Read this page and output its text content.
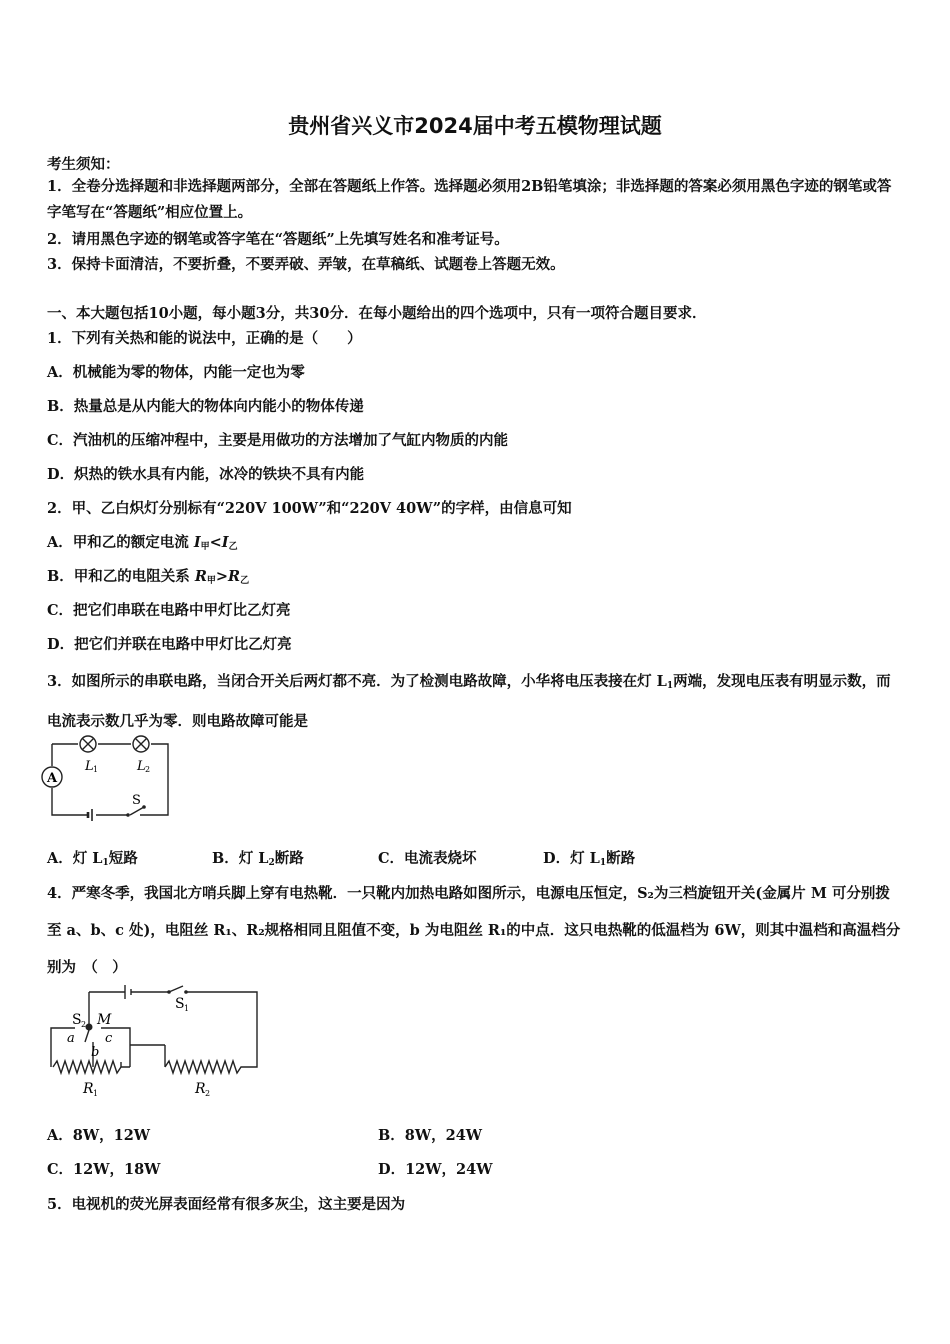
贵州省兴义市2024届中考五模物理试题
考生须知：
1．全卷分选择题和非选择题两部分，全部在答题纸上作答。选择题必须用2B铅笔填涂；非选择题的答案必须用黑色字迹的钢笔或答字笔写在“答题纸”相应位置上。
2．请用黑色字迹的钢笔或答字笔在“答题纸”上先填写姓名和准考证号。
3．保持卡面清洁，不要折叠，不要弄破、弄皱，在草稿纸、试题卷上答题无效。
一、本大题包括10小题，每小题3分，共30分．在每小题给出的四个选项中，只有一项符合题目要求．
1．下列有关热和能的说法中，正确的是（　　）
A．机械能为零的物体，内能一定也为零
B．热量总是从内能大的物体向内能小的物体传递
C．汽油机的压缩冲程中，主要是用做功的方法增加了气缸内物质的内能
D．炽热的铁水具有内能，冰冷的铁块不具有内能
2．甲、乙白炽灯分别标有“220V 100W”和“220V 40W”的字样，由信息可知
A．甲和乙的额定电流 $I_甲<I_乙$
B．甲和乙的电阻关系 $R_甲>R_乙$
C．把它们串联在电路中甲灯比乙灯亮
D．把它们并联在电路中甲灯比乙灯亮
3．如图所示的串联电路，当闭合开关后两灯都不亮．为了检测电路故障，小华将电压表接在灯 $L_1$两端，发现电压表有明显示数，而电流表示数几乎为零．则电路故障可能是
A
L 1	L 2
S
A．灯 $L_1$短路	B．灯 $L_2$断路	C．电流表烧坏	D．灯 $L_1$断路
4．严寒冬季，我国北方哨兵脚上穿有电热靴．一只靴内加热电路如图所示，电源电压恒定，S₂为三档旋钮开关(金属片 M 可分别拨至 a、b、c 处)，电阻丝 R₁、R₂规格相同且阻值不变，b 为电阻丝 R₁的中点．这只电热靴的低温档为 6W，则其中温档和高温档分别为　（　）
S 1
S 2 M
a
b
c
R 1	R 2
A．8W，12W	B．8W，24W
C．12W，18W	D．12W，24W
5．电视机的荧光屏表面经常有很多灰尘，这主要是因为
